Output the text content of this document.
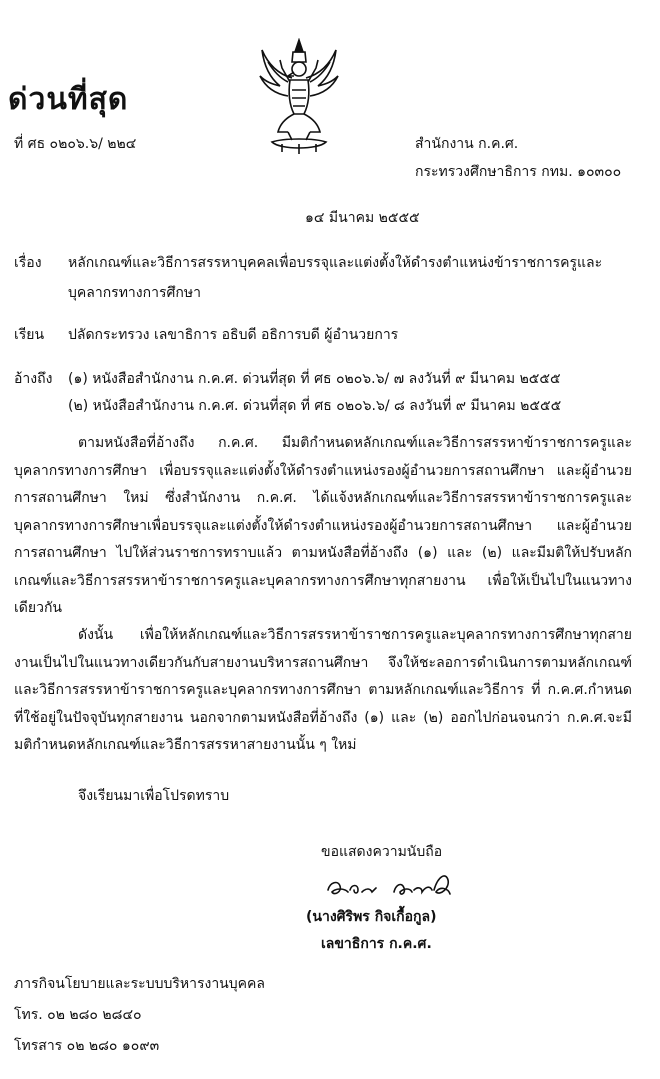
ด่วนที่สุด
ที่ ศธ ๐๒๐๖.๖/ ๒๒๔	สำนักงาน ก.ค.ศ.
กระทรวงศึกษาธิการ กทม. ๑๐๓๐๐
๑๔ มีนาคม ๒๕๕๕
เรื่อง หลักเกณฑ์และวิธีการสรรหาบุคคลเพื่อบรรจุและแต่งตั้งให้ดำรงตำแหน่งข้าราชการครูและ
บุคลากรทางการศึกษา
เรียน ปลัดกระทรวง เลขาธิการ อธิบดี อธิการบดี ผู้อำนวยการ
อ้างถึง (๑) หนังสือสำนักงาน ก.ค.ศ. ด่วนที่สุด ที่ ศธ ๐๒๐๖.๖/ ๗ ลงวันที่ ๙ มีนาคม ๒๕๕๕
(๒) หนังสือสำนักงาน ก.ค.ศ. ด่วนที่สุด ที่ ศธ ๐๒๐๖.๖/ ๘ ลงวันที่ ๙ มีนาคม ๒๕๕๕
ตามหนังสือที่อ้างถึง ก.ค.ศ. มีมติกำหนดหลักเกณฑ์และวิธีการสรรหาข้าราชการครูและบุคลากรทางการศึกษา เพื่อบรรจุและแต่งตั้งให้ดำรงตำแหน่งรองผู้อำนวยการสถานศึกษา และผู้อำนวยการสถานศึกษา ใหม่ ซึ่งสำนักงาน ก.ค.ศ. ได้แจ้งหลักเกณฑ์และวิธีการสรรหาข้าราชการครูและบุคลากรทางการศึกษาเพื่อบรรจุและแต่งตั้งให้ดำรงตำแหน่งรองผู้อำนวยการสถานศึกษา และผู้อำนวยการสถานศึกษา ไปให้ส่วนราชการทราบแล้ว ตามหนังสือที่อ้างถึง (๑) และ (๒) และมีมติให้ปรับหลักเกณฑ์และวิธีการสรรหาข้าราชการครูและบุคลากรทางการศึกษาทุกสายงาน เพื่อให้เป็นไปในแนวทางเดียวกัน
ดังนั้น เพื่อให้หลักเกณฑ์และวิธีการสรรหาข้าราชการครูและบุคลากรทางการศึกษาทุกสายงานเป็นไปในแนวทางเดียวกันกับสายงานบริหารสถานศึกษา จึงให้ชะลอการดำเนินการตามหลักเกณฑ์และวิธีการสรรหาข้าราชการครูและบุคลากรทางการศึกษา ตามหลักเกณฑ์และวิธีการ ที่ ก.ค.ศ.กำหนดที่ใช้อยู่ในปัจจุบันทุกสายงาน นอกจากตามหนังสือที่อ้างถึง (๑) และ (๒) ออกไปก่อนจนกว่า ก.ค.ศ.จะมีมติกำหนดหลักเกณฑ์และวิธีการสรรหาสายงานนั้น ๆ ใหม่
จึงเรียนมาเพื่อโปรดทราบ
ขอแสดงความนับถือ
(นางศิริพร กิจเกื้อกูล)
เลขาธิการ ก.ค.ศ.
ภารกิจนโยบายและระบบบริหารงานบุคคล
โทร. ๐๒ ๒๘๐ ๒๘๔๐
โทรสาร ๐๒ ๒๘๐ ๑๐๙๓
